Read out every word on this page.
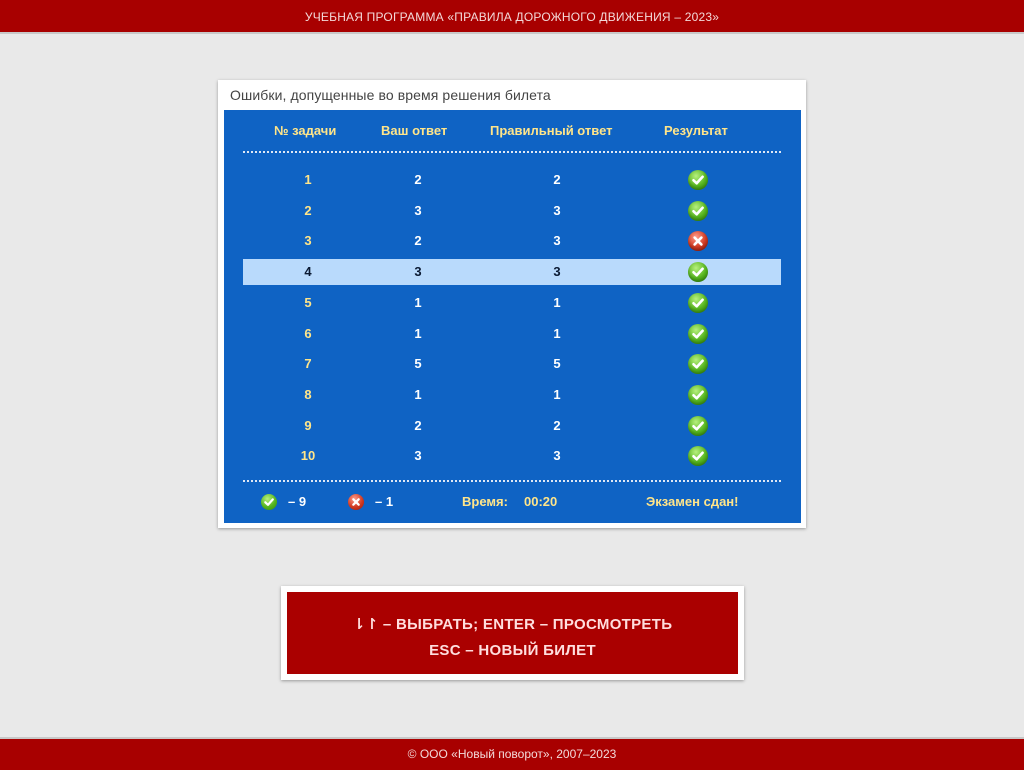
УЧЕБНАЯ ПРОГРАММА «ПРАВИЛА ДОРОЖНОГО ДВИЖЕНИЯ – 2023»
Ошибки, допущенные во время решения билета
№ задачи	Ваш ответ	Правильный ответ	Результат
1	2	2
2	3	3
3	2	3
4	3	3
5	1	1
6	1	1
7	5	5
8	1	1
9	2	2
10	3	3
– 9	– 1	Время: 00:20	Экзамен сдан!
⇂↾ – ВЫБРАТЬ; ENTER – ПРОСМОТРЕТЬ
ESC – НОВЫЙ БИЛЕТ
© ООО «Новый поворот», 2007–2023
